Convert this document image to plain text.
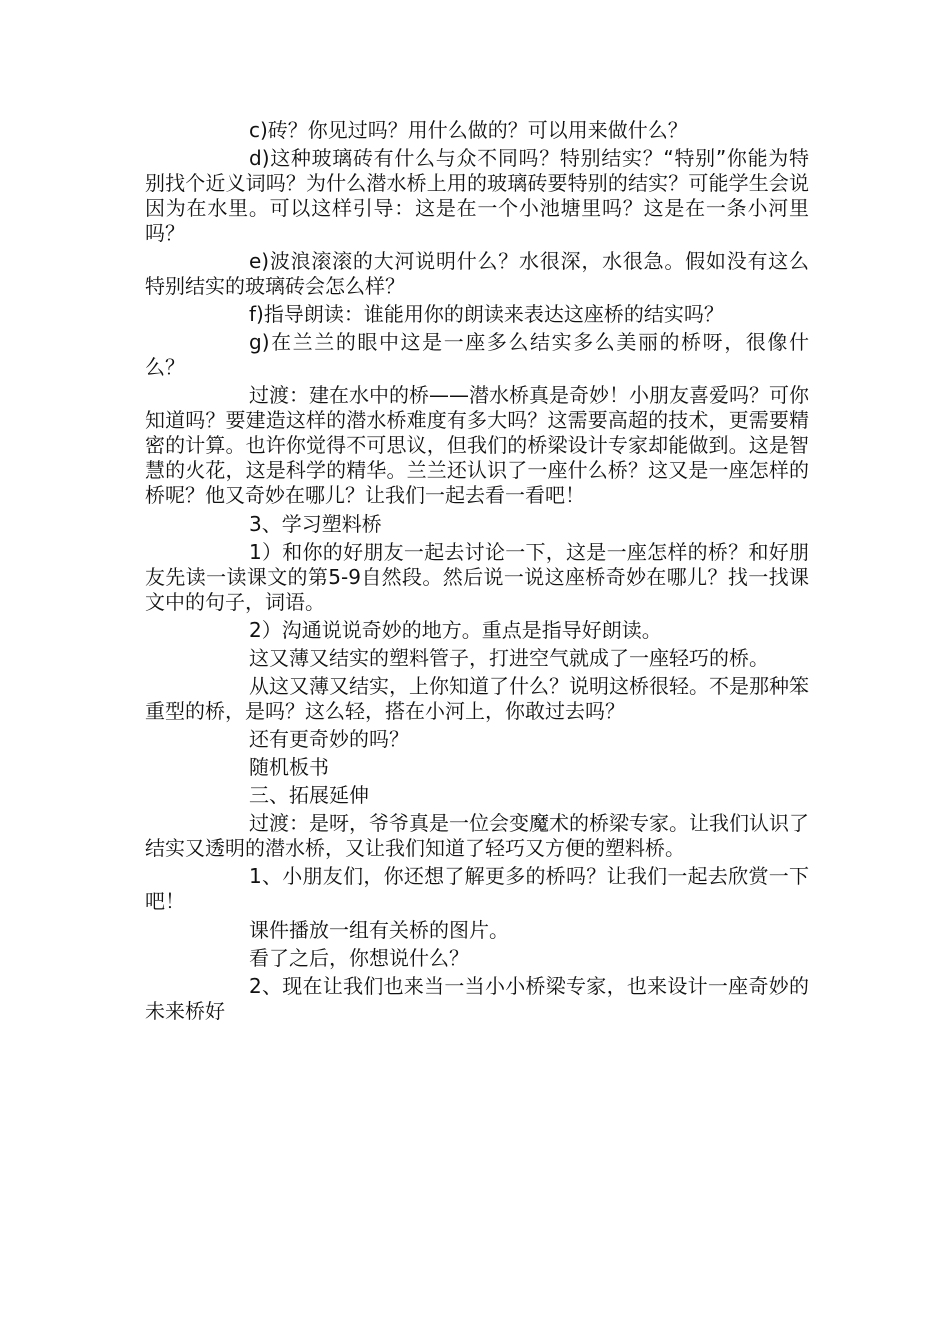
c)砖？你见过吗？用什么做的？可以用来做什么？

d)这种玻璃砖有什么与众不同吗？特别结实？“特别”你能为特别找个近义词吗？为什么潜水桥上用的玻璃砖要特别的结实？可能学生会说因为在水里。可以这样引导：这是在一个小池塘里吗？这是在一条小河里吗？

e)波浪滚滚的大河说明什么？水很深，水很急。假如没有这么特别结实的玻璃砖会怎么样？

f)指导朗读：谁能用你的朗读来表达这座桥的结实吗？

g)在兰兰的眼中这是一座多么结实多么美丽的桥呀，很像什么？

过渡：建在水中的桥——潜水桥真是奇妙！小朋友喜爱吗？可你知道吗？要建造这样的潜水桥难度有多大吗？这需要高超的技术，更需要精密的计算。也许你觉得不可思议，但我们的桥梁设计专家却能做到。这是智慧的火花，这是科学的精华。兰兰还认识了一座什么桥？这又是一座怎样的桥呢？他又奇妙在哪儿？让我们一起去看一看吧！

3、学习塑料桥

1）和你的好朋友一起去讨论一下，这是一座怎样的桥？和好朋友先读一读课文的第5-9自然段。然后说一说这座桥奇妙在哪儿？找一找课文中的句子，词语。

2）沟通说说奇妙的地方。重点是指导好朗读。

这又薄又结实的塑料管子，打进空气就成了一座轻巧的桥。

从这又薄又结实，上你知道了什么？说明这桥很轻。不是那种笨重型的桥，是吗？这么轻，搭在小河上，你敢过去吗？

还有更奇妙的吗？

随机板书

三、拓展延伸

过渡：是呀，爷爷真是一位会变魔术的桥梁专家。让我们认识了结实又透明的潜水桥，又让我们知道了轻巧又方便的塑料桥。

1、小朋友们，你还想了解更多的桥吗？让我们一起去欣赏一下吧！

课件播放一组有关桥的图片。

看了之后，你想说什么？

2、现在让我们也来当一当小小桥梁专家，也来设计一座奇妙的未来桥好
